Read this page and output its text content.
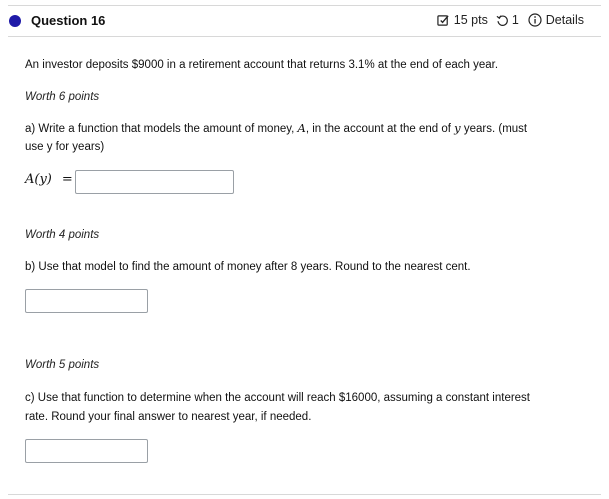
Question 16	15 pts 1 Details
An investor deposits $9000 in a retirement account that returns 3.1% at the end of each year.
Worth 6 points
a) Write a function that models the amount of money, A, in the account at the end of y years. (must
use y for years)
A(y) =
Worth 4 points
b) Use that model to find the amount of money after 8 years. Round to the nearest cent.
Worth 5 points
c) Use that function to determine when the account will reach $16000, assuming a constant interest
rate. Round your final answer to nearest year, if needed.
